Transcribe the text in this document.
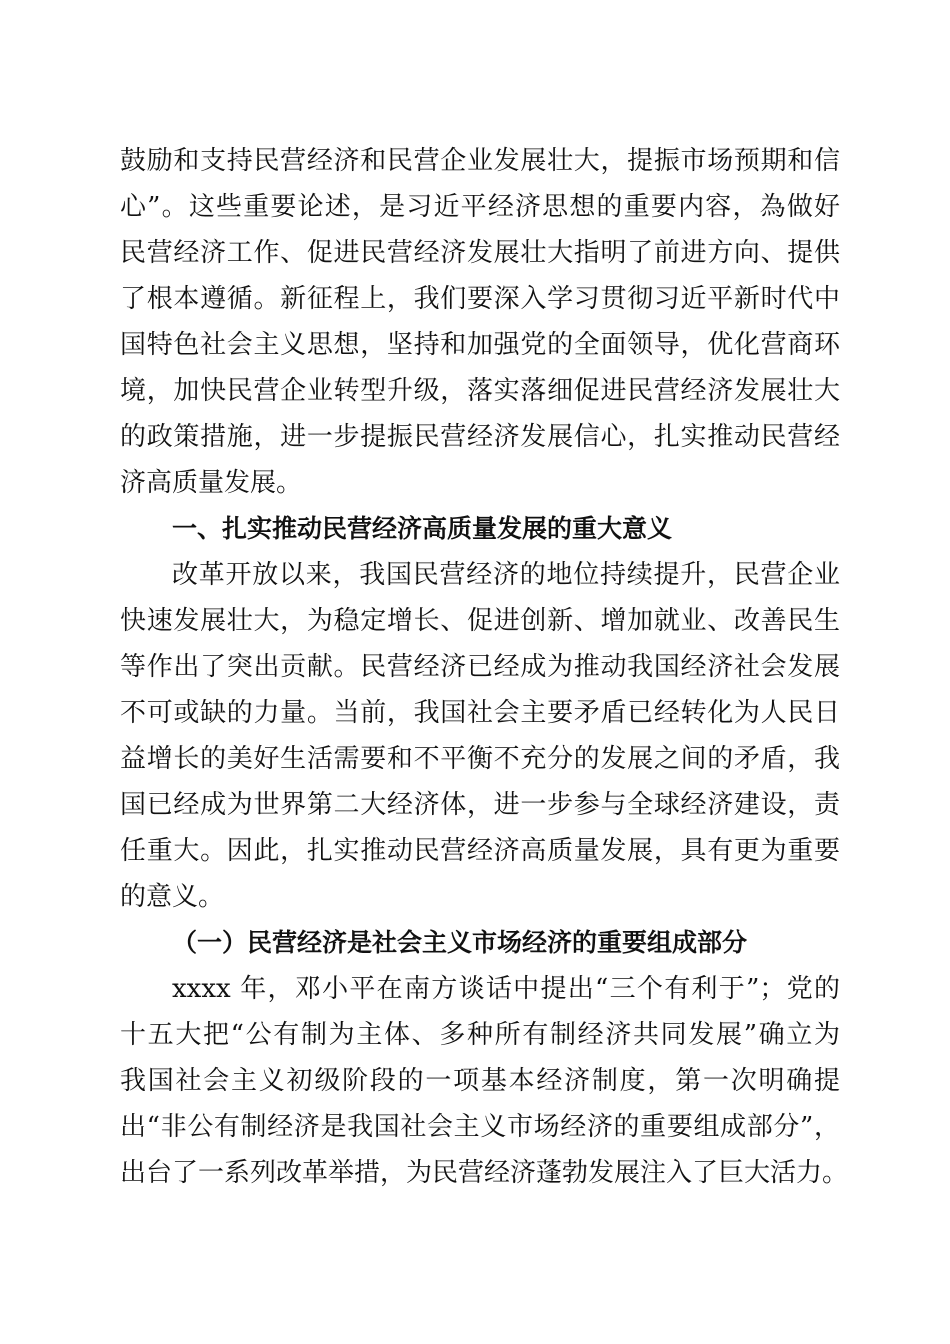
鼓励和支持民营经济和民营企业发展壮大，提振市场预期和信
心”。这些重要论述，是习近平经济思想的重要内容，為做好
民营经济工作、促进民营经济发展壮大指明了前进方向、提供
了根本遵循。新征程上，我们要深入学习贯彻习近平新时代中
国特色社会主义思想，坚持和加强党的全面领导，优化营商环
境，加快民营企业转型升级，落实落细促进民营经济发展壮大
的政策措施，进一步提振民营经济发展信心，扎实推动民营经
济高质量发展。
一、扎实推动民营经济高质量发展的重大意义
改革开放以来，我国民营经济的地位持续提升，民营企业
快速发展壮大，为稳定增长、促进创新、增加就业、改善民生
等作出了突出贡献。民营经济已经成为推动我国经济社会发展
不可或缺的力量。当前，我国社会主要矛盾已经转化为人民日
益增长的美好生活需要和不平衡不充分的发展之间的矛盾，我
国已经成为世界第二大经济体，进一步参与全球经济建设，责
任重大。因此，扎实推动民营经济高质量发展，具有更为重要
的意义。
（一）民营经济是社会主义市场经济的重要组成部分
xxxx 年，邓小平在南方谈话中提出“三个有利于”；党的
十五大把“公有制为主体、多种所有制经济共同发展”确立为
我国社会主义初级阶段的一项基本经济制度，第一次明确提
出“非公有制经济是我国社会主义市场经济的重要组成部分”，
出台了一系列改革举措，为民营经济蓬勃发展注入了巨大活力。
